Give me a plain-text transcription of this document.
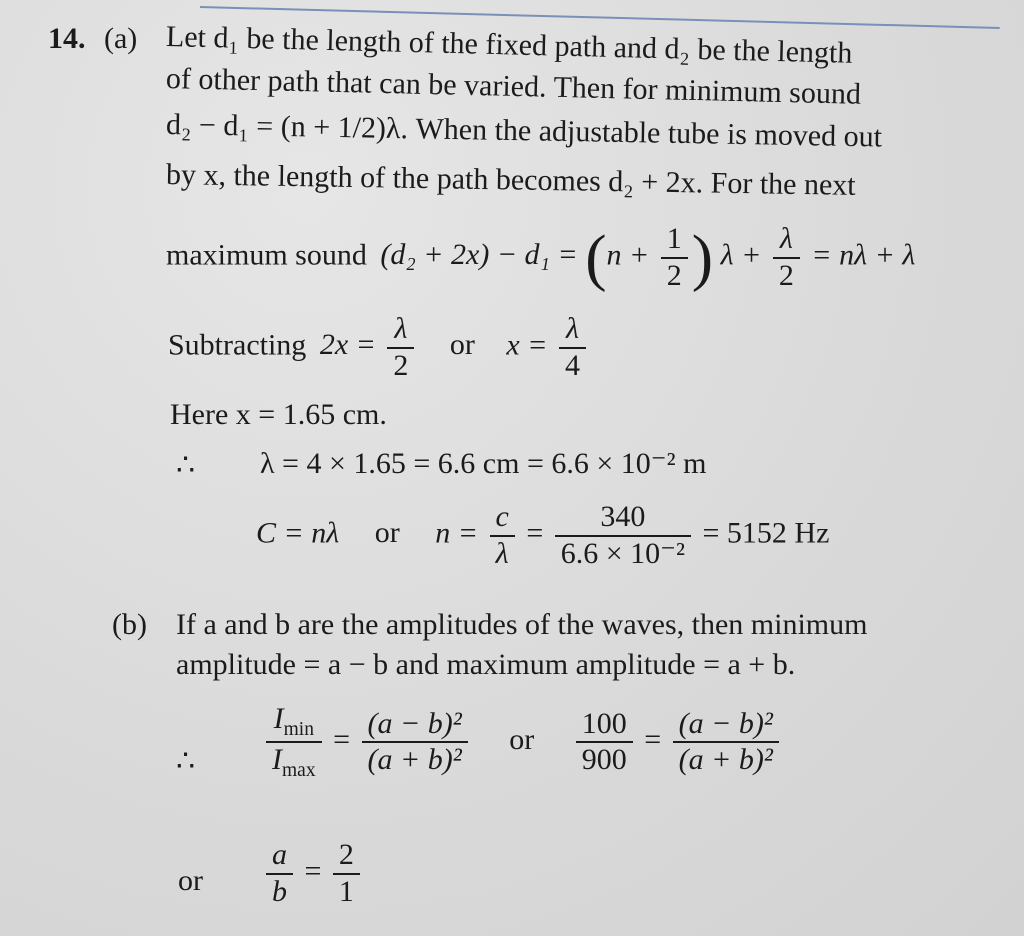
14. (a) Let d₁ be the length of the fixed path and d₂ be the length
of other path that can be varied. Then for minimum sound
d₂ − d₁ = (n + 1/2)λ. When the adjustable tube is moved out
by x, the length of the path becomes d₂ + 2x. For the next
maximum sound $(d_2 + 2x) - d_1 = (n + \frac{1}{2}$ ) $\lambda + \frac{\lambda}{2} = n\lambda + \lambda$
Subtracting $2x = \frac{\lambda}{2}$ or $x = \frac{\lambda}{4}$
Here x = 1.65 cm.
∴ λ = 4 × 1.65 = 6.6 cm = 6.6 × 10⁻² m
C = nλ or $n = \frac{c}{\lambda} = \frac{340}{\text{6.6 × 10⁻²}} = 5152$ Hz
(b) If a and b are the amplitudes of the waves, then minimum
amplitude = a − b and maximum amplitude = a + b.
∴ $\frac{I_{min}}{I_{max}} = \frac{\text{(a − b)²}}{\text{(a + b)²}}$ or $\frac{100}{900} = \frac{\text{(a − b)²}}{\text{(a + b)²}}$
or $\frac{a}{b} = \frac{2}{1}$
